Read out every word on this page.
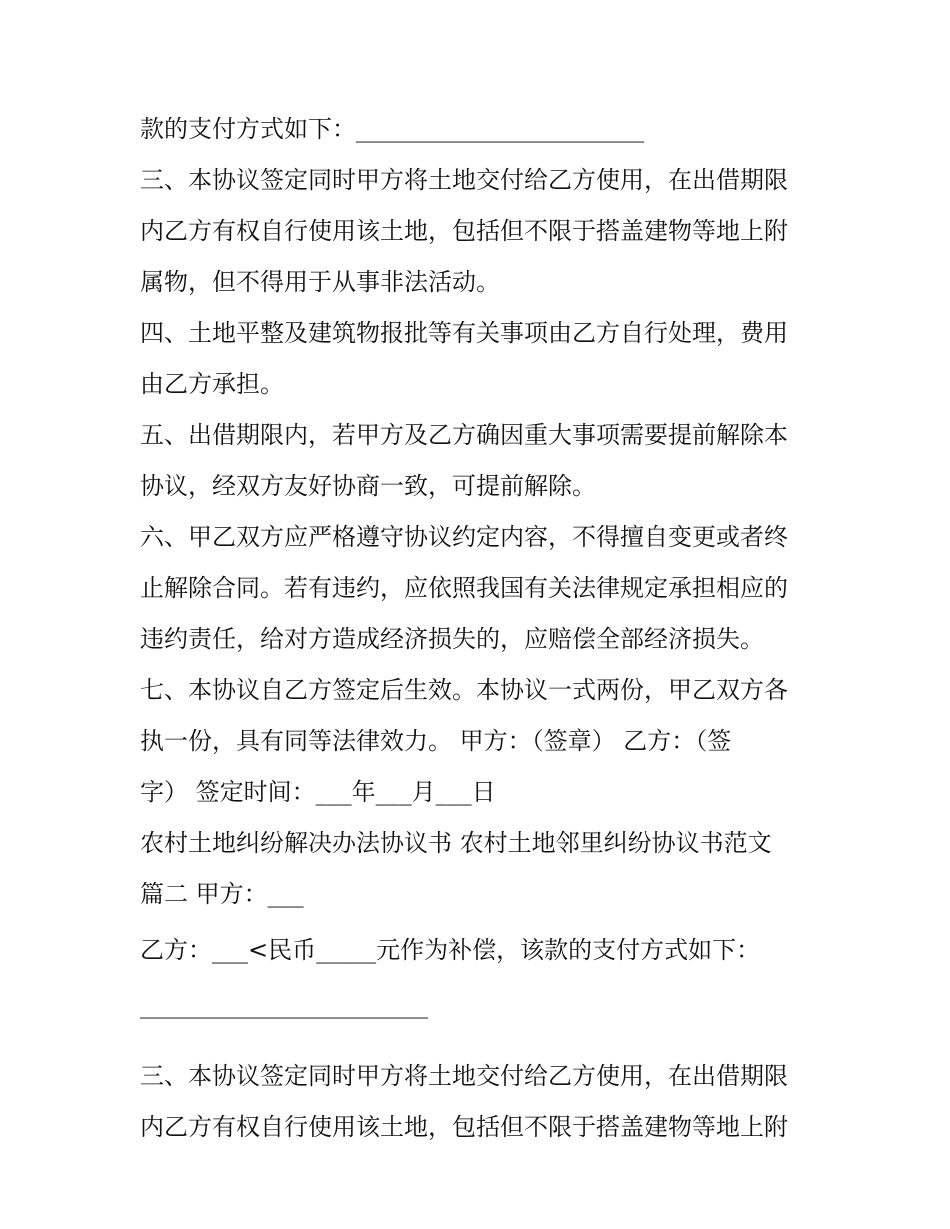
款的支付方式如下：________________________
三、本协议签定同时甲方将土地交付给乙方使用，在出借期限
内乙方有权自行使用该土地，包括但不限于搭盖建物等地上附
属物，但不得用于从事非法活动。
四、土地平整及建筑物报批等有关事项由乙方自行处理，费用
由乙方承担。
五、出借期限内，若甲方及乙方确因重大事项需要提前解除本
协议，经双方友好协商一致，可提前解除。
六、甲乙双方应严格遵守协议约定内容，不得擅自变更或者终
止解除合同。若有违约，应依照我国有关法律规定承担相应的
违约责任，给对方造成经济损失的，应赔偿全部经济损失。
七、本协议自乙方签定后生效。本协议一式两份，甲乙双方各
执一份，具有同等法律效力。 甲方：（签章） 乙方：（签
字） 签定时间：___年___月___日
农村土地纠纷解决办法协议书 农村土地邻里纠纷协议书范文
篇二 甲方：___
乙方：___<民币_____元作为补偿，该款的支付方式如下：
________________________
三、本协议签定同时甲方将土地交付给乙方使用，在出借期限
内乙方有权自行使用该土地，包括但不限于搭盖建物等地上附
